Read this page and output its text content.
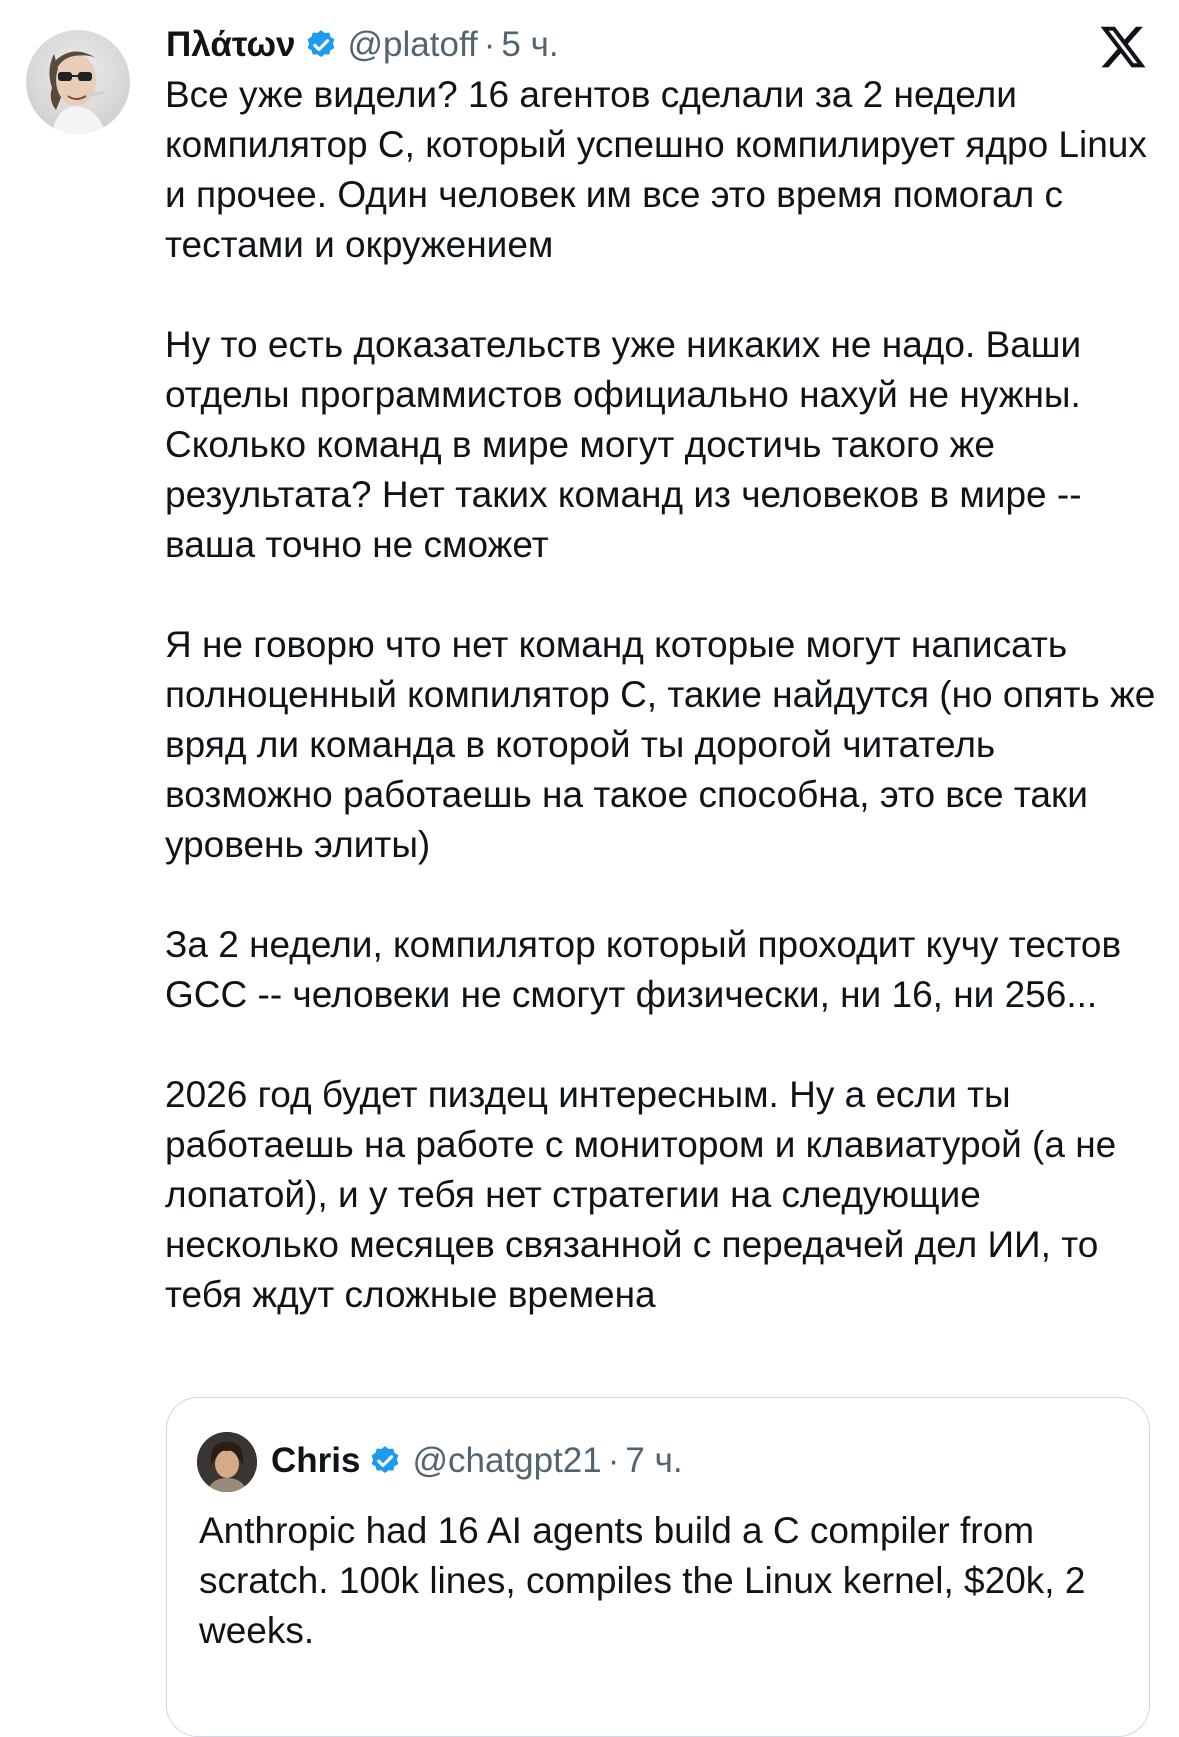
Πλάτων @platoff · 5 ч.

Все уже видели? 16 агентов сделали за 2 недели компилятор С, который успешно компилирует ядро Linux и прочее. Один человек им все это время помогал с тестами и окружением

Ну то есть доказательств уже никаких не надо. Ваши отделы программистов официально нахуй не нужны. Сколько команд в мире могут достичь такого же результата? Нет таких команд из человеков в мире -- ваша точно не сможет

Я не говорю что нет команд которые могут написать полноценный компилятор С, такие найдутся (но опять же вряд ли команда в которой ты дорогой читатель возможно работаешь на такое способна, это все таки уровень элиты)

За 2 недели, компилятор который проходит кучу тестов GCC -- человеки не смогут физически, ни 16, ни 256...

2026 год будет пиздец интересным. Ну а если ты работаешь на работе с монитором и клавиатурой (а не лопатой), и у тебя нет стратегии на следующие несколько месяцев связанной с передачей дел ИИ, то тебя ждут сложные времена

Chris @chatgpt21 · 7 ч.
Anthropic had 16 AI agents build a C compiler from scratch. 100k lines, compiles the Linux kernel, $20k, 2 weeks.
